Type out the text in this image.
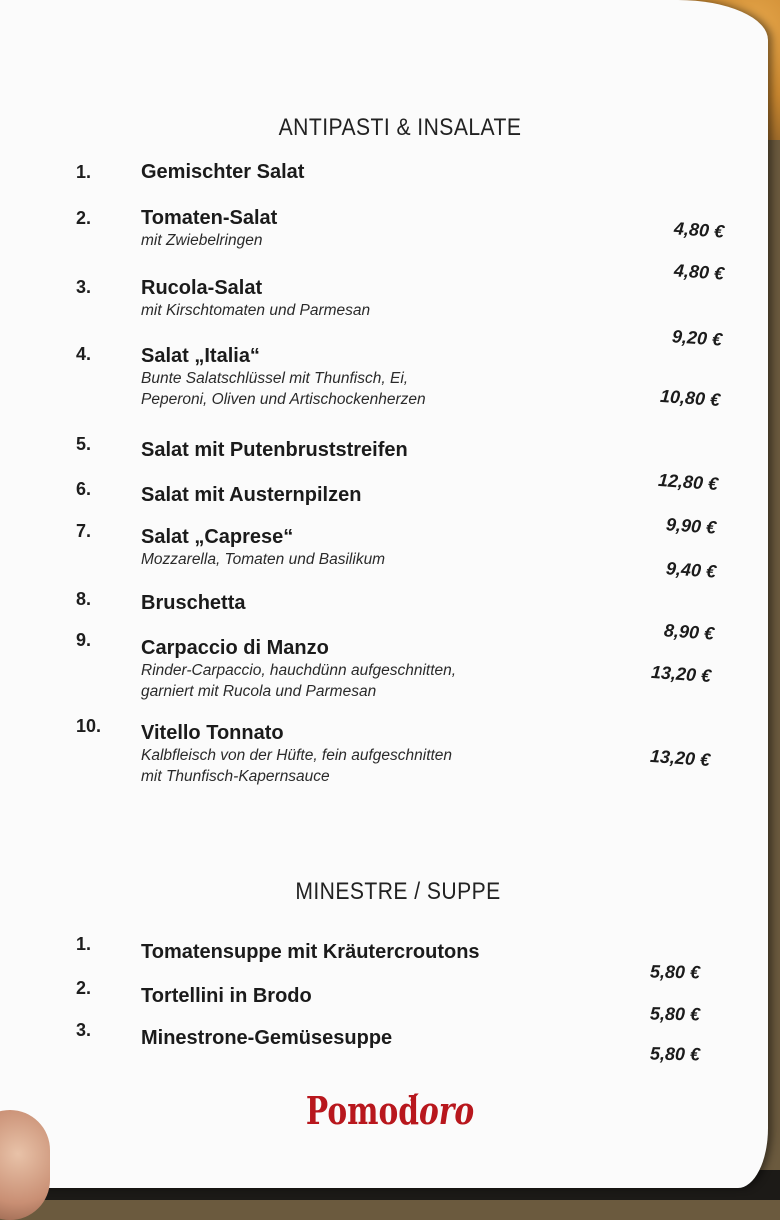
ANTIPASTI & INSALATE
1. Gemischter Salat
2. Tomaten-Salat
mit Zwiebelringen
3. Rucola-Salat
mit Kirschtomaten und Parmesan
4. Salat „Italia“
Bunte Salatschlüssel mit Thunfisch, Ei,
Peperoni, Oliven und Artischockenherzen
5. Salat mit Putenbruststreifen
6. Salat mit Austernpilzen
7. Salat „Caprese“
Mozzarella, Tomaten und Basilikum
8. Bruschetta
9. Carpaccio di Manzo
Rinder-Carpaccio, hauchdünn aufgeschnitten,
garniert mit Rucola und Parmesan
10. Vitello Tonnato
Kalbfleisch von der Hüfte, fein aufgeschnitten
mit Thunfisch-Kapernsauce
4,80 €
4,80 €
9,20 €
10,80 €
12,80 €
9,90 €
9,40 €
8,90 €
13,20 €
13,20 €
MINESTRE / SUPPE
1. Tomatensuppe mit Kräutercroutons
2. Tortellini in Brodo
3. Minestrone-Gemüsesuppe
5,80 €
5,80 €
5,80 €
Pomod́oro
